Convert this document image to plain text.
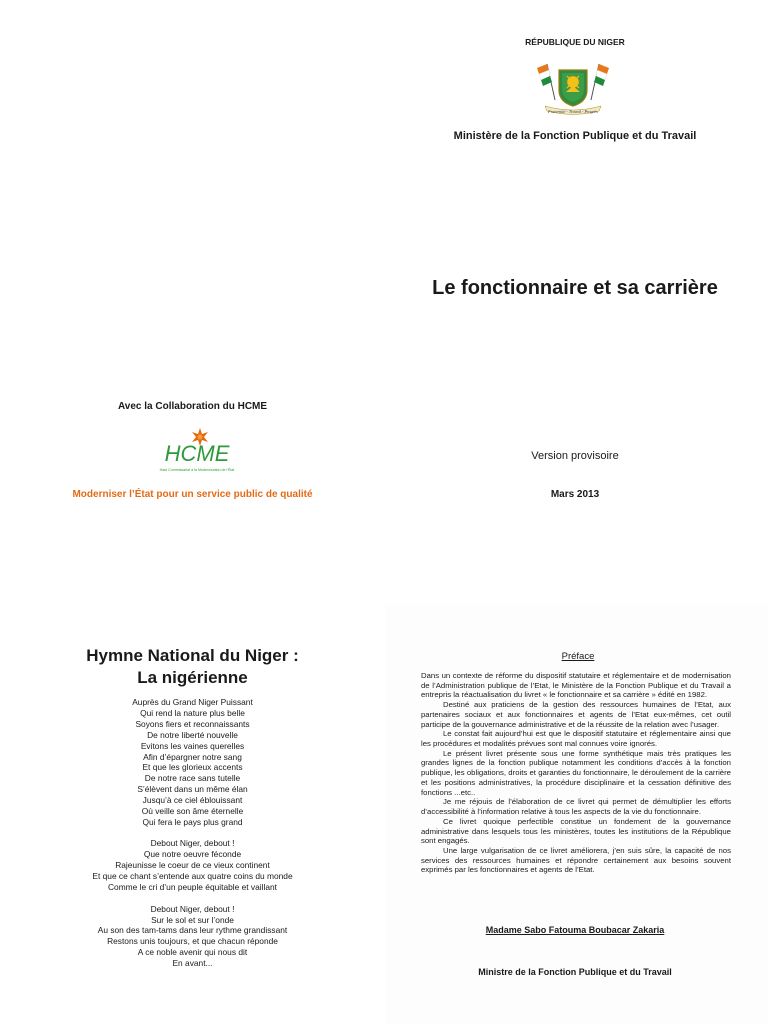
RÉPUBLIQUE DU NIGER
Fraternité - Travail - Progrès
Ministère de la Fonction Publique et du Travail
Le fonctionnaire et sa carrière
Avec la Collaboration du HCME
HCME
Haut Commissariat à la Modernisation de l'État
Moderniser l’État pour un service public de qualité
Version provisoire
Mars 2013
Hymne National du Niger :
La nigérienne
Auprès du Grand Niger Puissant
Qui rend la nature plus belle
Soyons fiers et reconnaissants
De notre liberté nouvelle
Evitons les vaines querelles
Afin d’épargner notre sang
Et que les glorieux accents
De notre race sans tutelle
S’élèvent dans un même élan
Jusqu’à ce ciel éblouissant
Où veille son âme éternelle
Qui fera le pays plus grand
Debout Niger, debout !
Que notre oeuvre féconde
Rajeunisse le coeur de ce vieux continent
Et que ce chant s’entende aux quatre coins du monde
Comme le cri d’un peuple équitable et vaillant
Debout Niger, debout !
Sur le sol et sur l’onde
Au son des tam-tams dans leur rythme grandissant
Restons unis toujours, et que chacun réponde
A ce noble avenir qui nous dit
En avant...
Préface

Dans un contexte de réforme du dispositif statutaire et réglementaire et de modernisation de l’Administration publique de l’Etat, le Ministère de la Fonction Publique et du Travail a entrepris la réactualisation du livret « le fonctionnaire et sa carrière » édité en 1982.

Destiné aux praticiens de la gestion des ressources humaines de l’Etat, aux partenaires sociaux et aux fonctionnaires et agents de l’Etat eux-mêmes, cet outil participe de la gouvernance administrative et de la réussite de la relation avec l’usager.

Le constat fait aujourd’hui est que le dispositif statutaire et réglementaire ainsi que les procédures et modalités prévues sont mal connues voire ignorés.

Le présent livret présente sous une forme synthétique mais très pratiques les grandes lignes de la fonction publique notamment les conditions d’accès à la fonction publique, les obligations, droits et garanties du fonctionnaire, le déroulement de la carrière et les positions administratives, la procédure disciplinaire et la cessation définitive des fonctions ...etc..

Je me réjouis de l’élaboration de ce livret qui permet de démultiplier les efforts d’accessibilité à l’information relative à tous les aspects de la vie du fonctionnaire.

Ce livret quoique perfectible constitue un fondement de la gouvernance administrative dans lesquels tous les ministères, toutes les institutions de la République sont engagés.

Une large vulgarisation de ce livret améliorera, j’en suis sûre, la capacité de nos services des ressources humaines et répondre certainement aux besoins souvent exprimés par les fonctionnaires et agents de l’Etat.

Madame Sabo Fatouma Boubacar Zakaria
Ministre de la Fonction Publique et du Travail
